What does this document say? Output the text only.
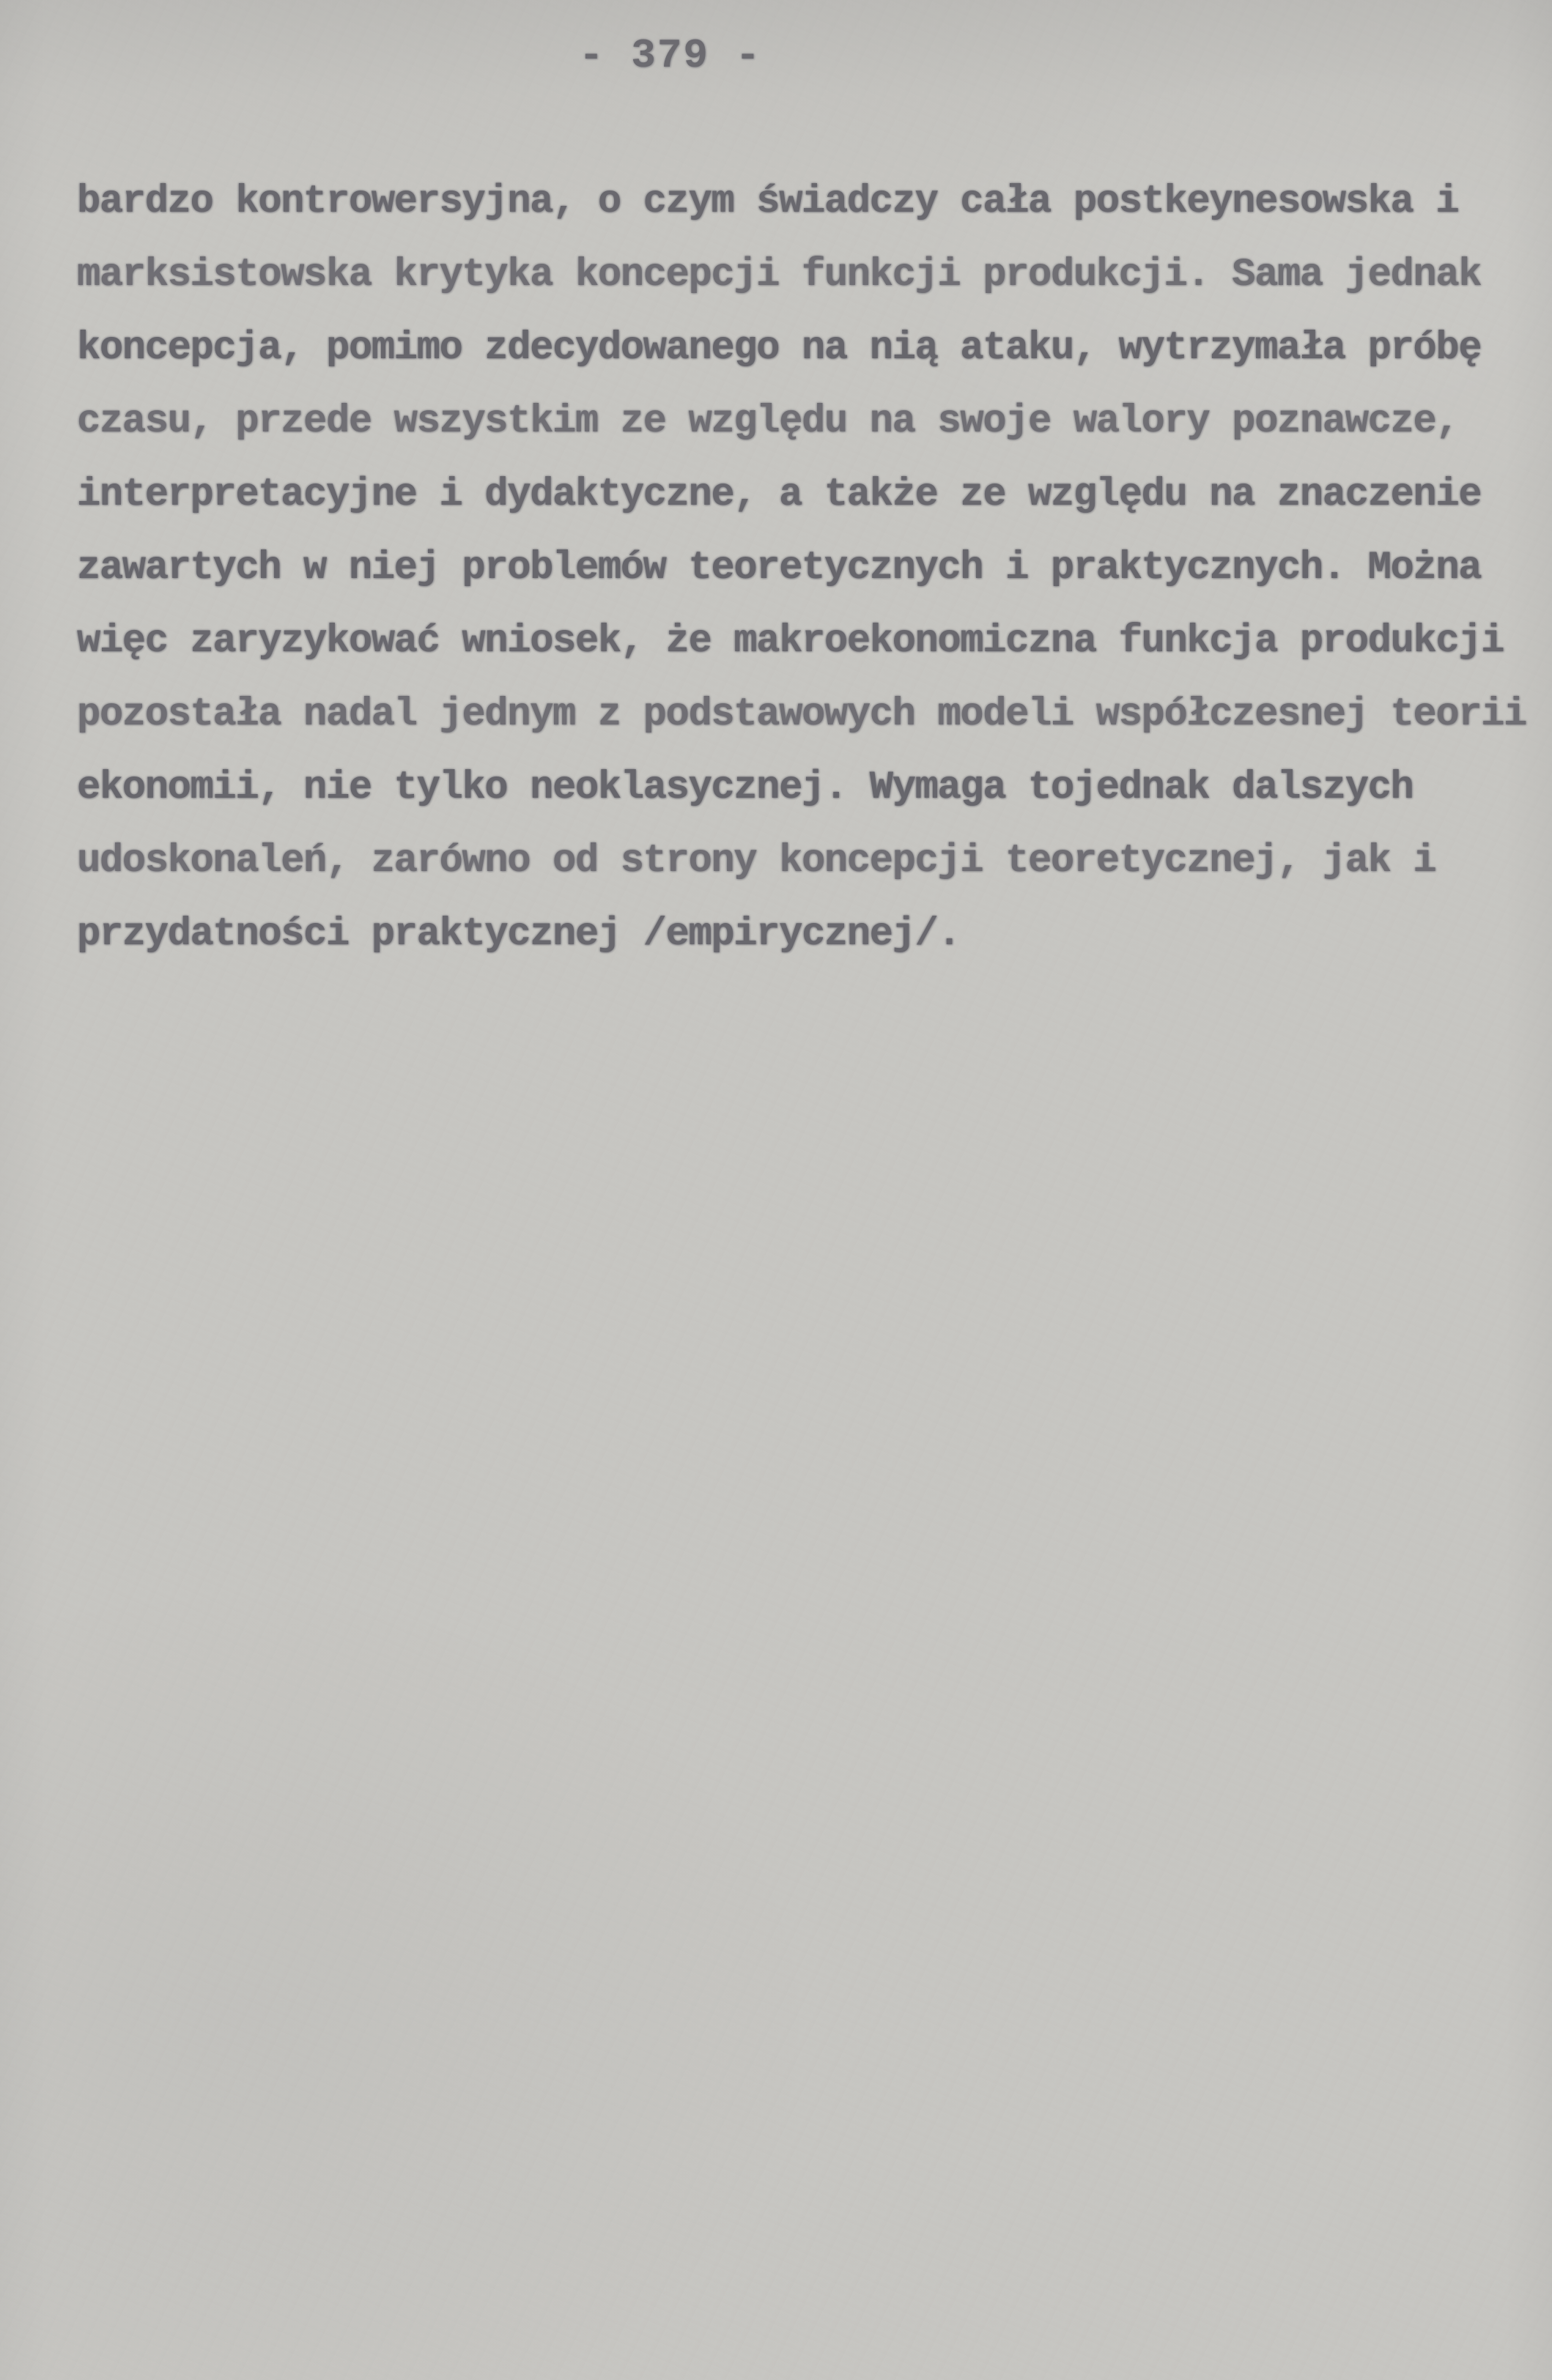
- 379 -
bardzo kontrowersyjna, o czym świadczy cała postkeynesowska i
marksistowska krytyka koncepcji funkcji produkcji. Sama jednak
koncepcja, pomimo zdecydowanego na nią ataku, wytrzymała próbę
czasu, przede wszystkim ze względu na swoje walory poznawcze,
interpretacyjne i dydaktyczne, a także ze względu na znaczenie
zawartych w niej problemów teoretycznych i praktycznych. Można
więc zaryzykować wniosek, że makroekonomiczna funkcja produkcji
pozostała nadal jednym z podstawowych modeli współczesnej teorii
ekonomii, nie tylko neoklasycznej. Wymaga tojednak dalszych
udoskonaleń, zarówno od strony koncepcji teoretycznej, jak i
przydatności praktycznej /empirycznej/.
